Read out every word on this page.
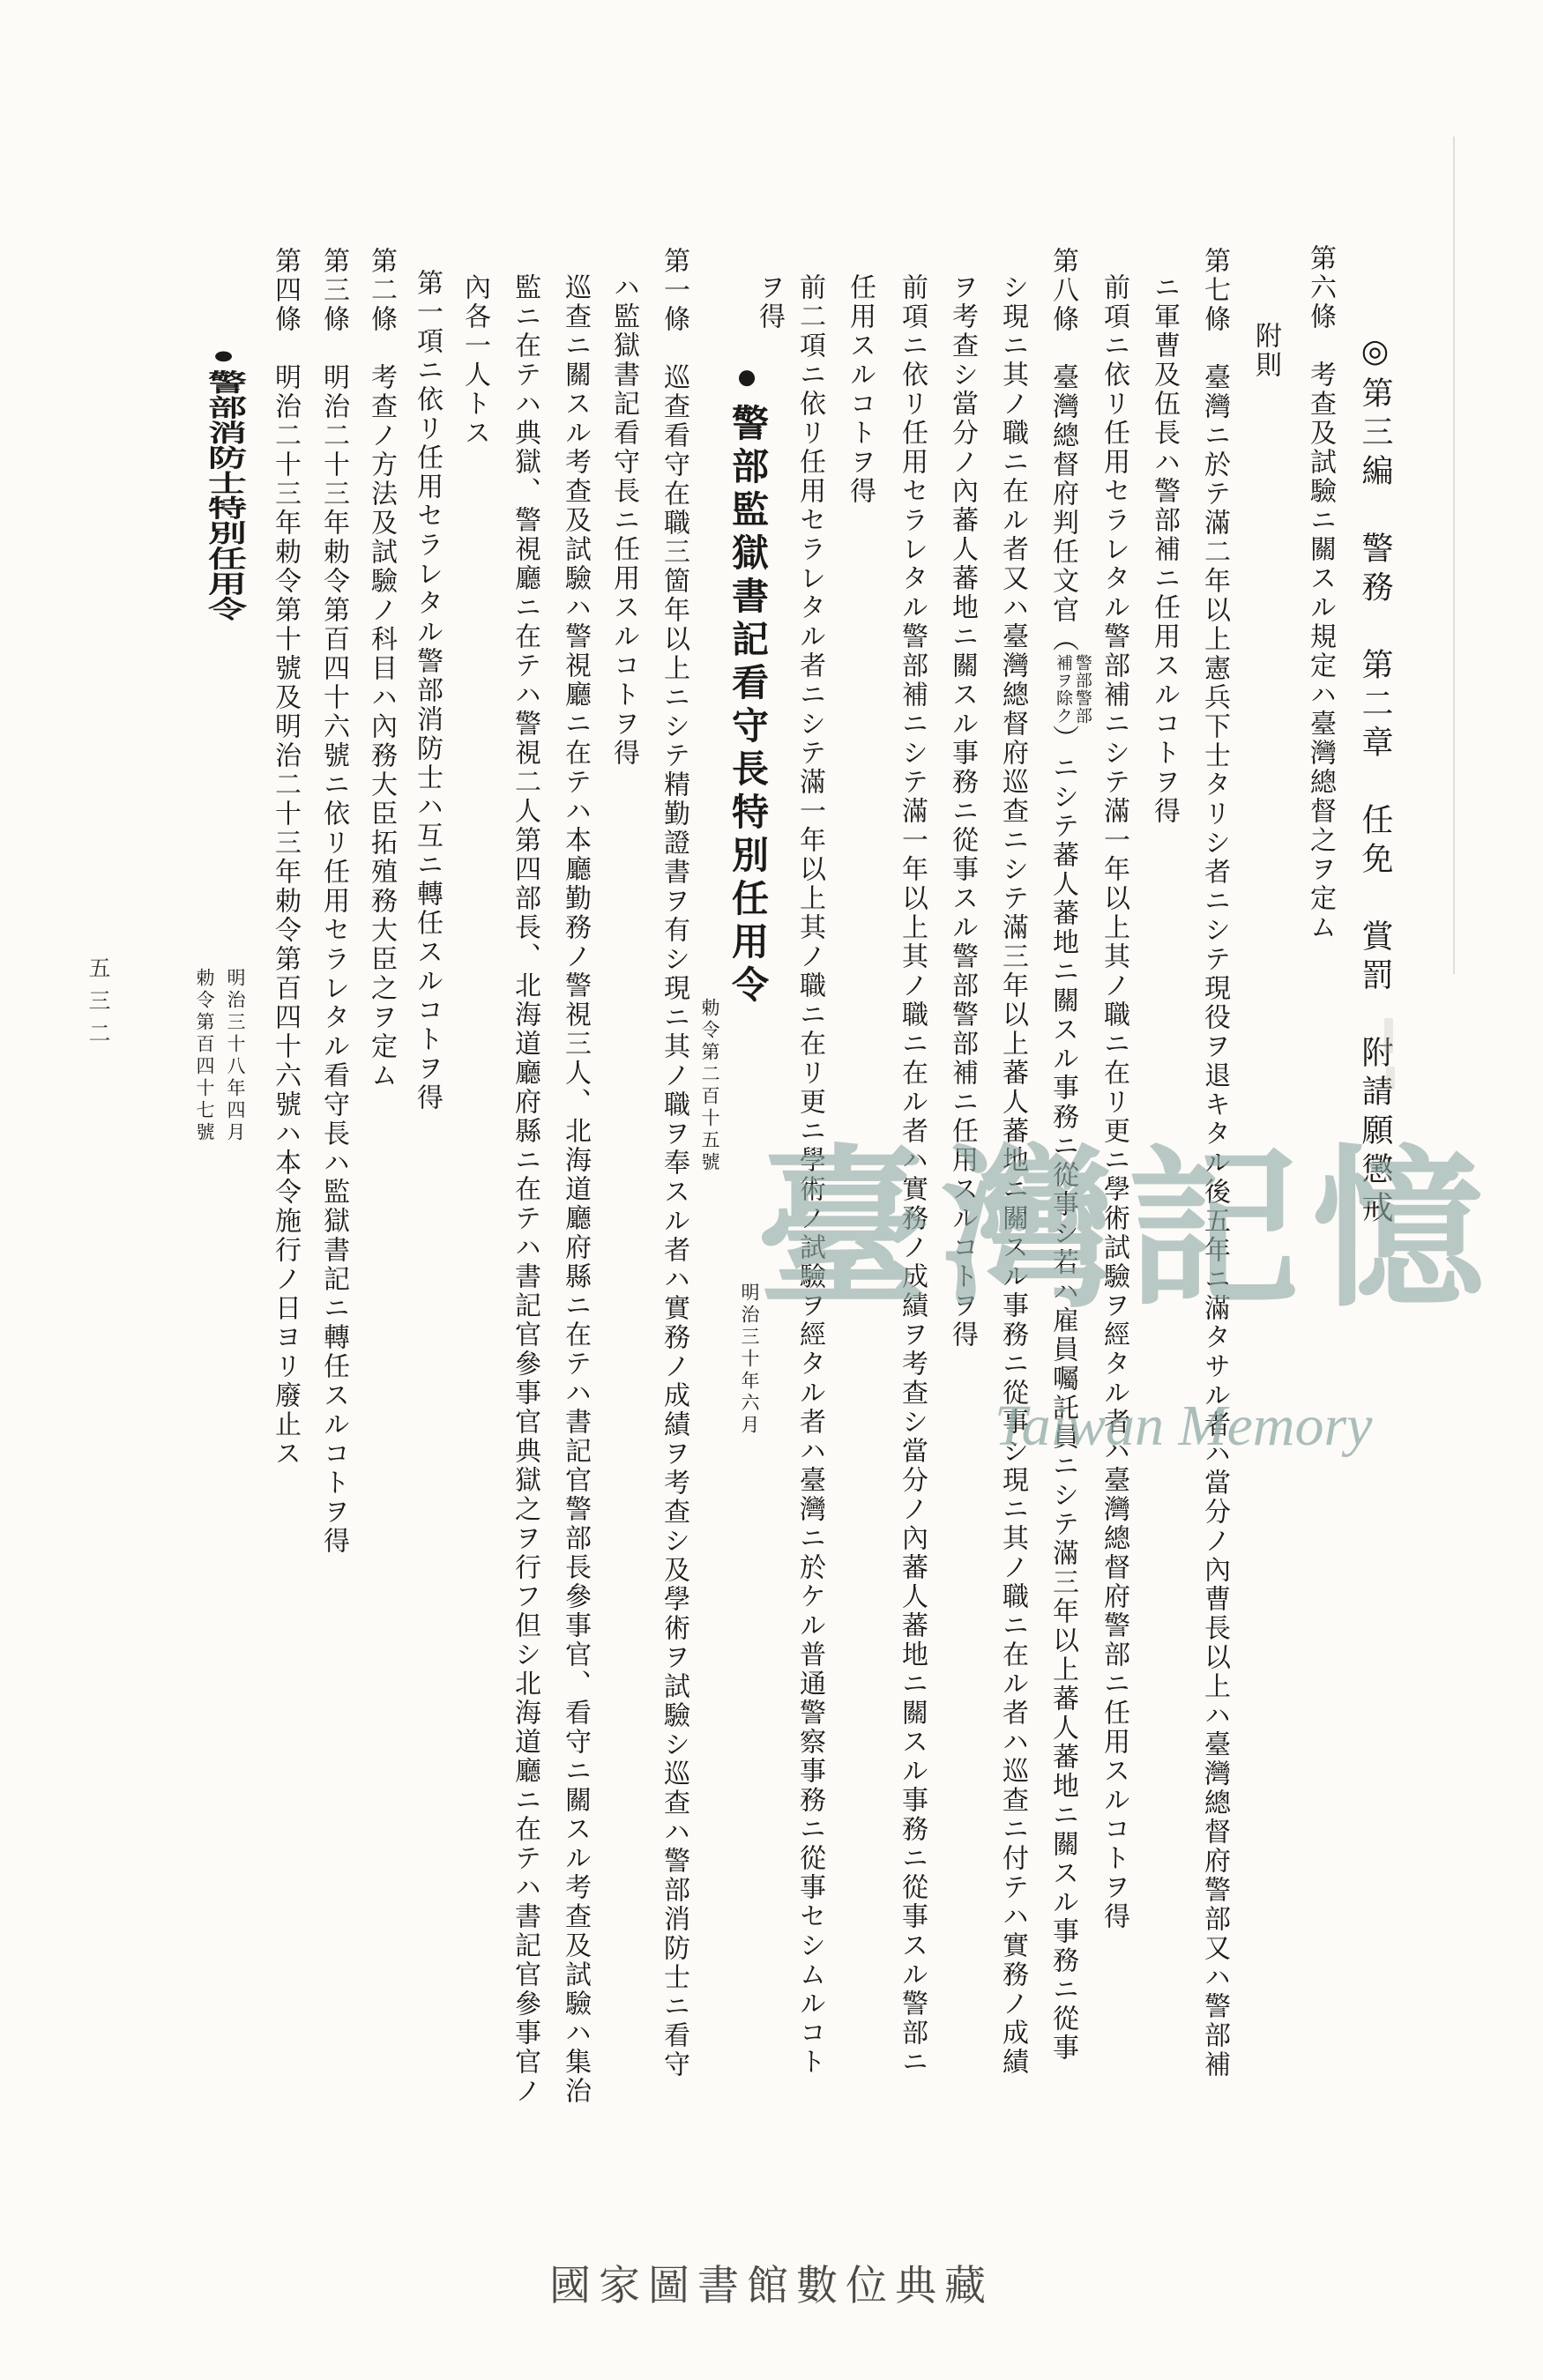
◎第三編　警務　第二章　任免　賞罰　附請願懲戒
第六條　考查及試驗ニ關スル規定ハ臺灣總督之ヲ定ム
附則
第七條　臺灣ニ於テ滿二年以上憲兵下士タリシ者ニシテ現役ヲ退キタル後五年ニ滿タサル者ハ當分ノ內曹長以上ハ臺灣總督府警部又ハ警部補
ニ軍曹及伍長ハ警部補ニ任用スルコトヲ得
前項ニ依リ任用セラレタル警部補ニシテ滿一年以上其ノ職ニ在リ更ニ學術試驗ヲ經タル者ハ臺灣總督府警部ニ任用スルコトヲ得
第八條　臺灣總督府判任文官（
警部警部
補ヲ除ク
）ニシテ蕃人蕃地ニ關スル事務ニ從事シ若ハ雇員囑託員ニシテ滿三年以上蕃人蕃地ニ關スル事務ニ從事
シ現ニ其ノ職ニ在ル者又ハ臺灣總督府巡查ニシテ滿三年以上蕃人蕃地ニ關スル事務ニ從事シ現ニ其ノ職ニ在ル者ハ巡查ニ付テハ實務ノ成績
ヲ考查シ當分ノ內蕃人蕃地ニ關スル事務ニ從事スル警部警部補ニ任用スルコトヲ得
前項ニ依リ任用セラレタル警部補ニシテ滿一年以上其ノ職ニ在ル者ハ實務ノ成績ヲ考查シ當分ノ內蕃人蕃地ニ關スル事務ニ從事スル警部ニ
任用スルコトヲ得
前二項ニ依リ任用セラレタル者ニシテ滿一年以上其ノ職ニ在リ更ニ學術ノ試驗ヲ經タル者ハ臺灣ニ於ケル普通警察事務ニ從事セシムルコト
ヲ得
●警部監獄書記看守長特別任用令
明治三十年六月
勅令第二百十五號
第一條　巡查看守在職三箇年以上ニシテ精勤證書ヲ有シ現ニ其ノ職ヲ奉スル者ハ實務ノ成績ヲ考查シ及學術ヲ試驗シ巡查ハ警部消防士ニ看守
ハ監獄書記看守長ニ任用スルコトヲ得
巡查ニ關スル考查及試驗ハ警視廳ニ在テハ本廳勤務ノ警視三人、北海道廳府縣ニ在テハ書記官警部長參事官、看守ニ關スル考查及試驗ハ集治
監ニ在テハ典獄、警視廳ニ在テハ警視二人第四部長、北海道廳府縣ニ在テハ書記官參事官典獄之ヲ行フ但シ北海道廳ニ在テハ書記官參事官ノ
內各一人トス
第一項ニ依リ任用セラレタル警部消防士ハ互ニ轉任スルコトヲ得
第二條　考查ノ方法及試驗ノ科目ハ內務大臣拓殖務大臣之ヲ定ム
第三條　明治二十三年勅令第百四十六號ニ依リ任用セラレタル看守長ハ監獄書記ニ轉任スルコトヲ得
第四條　明治二十三年勅令第十號及明治二十三年勅令第百四十六號ハ本令施行ノ日ヨリ廢止ス
●警部消防士特別任用令
明治三十八年四月
勅令第百四十七號
五三二
臺灣記憶
Taiwan Memory
國家圖書館數位典藏
